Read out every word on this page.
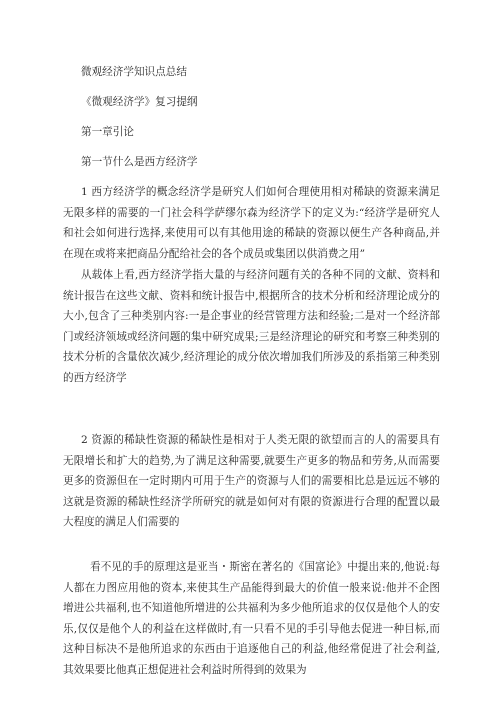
微观经济学知识点总结
《微观经济学》复习提纲
第一章引论
第一节什么是西方经济学
1 西方经济学的概念经济学是研究人们如何合理使用相对稀缺的资源来满足无限多样的需要的一门社会科学萨缪尔森为经济学下的定义为:“经济学是研究人和社会如何进行选择,来使用可以有其他用途的稀缺的资源以便生产各种商品,并在现在或将来把商品分配给社会的各个成员或集团以供消费之用”
从载体上看,西方经济学指大量的与经济问题有关的各种不同的文献、资料和统计报告在这些文献、资料和统计报告中,根据所含的技术分析和经济理论成分的大小,包含了三种类别内容:一是企事业的经营管理方法和经验;二是对一个经济部门或经济领域或经济问题的集中研究成果;三是经济理论的研究和考察三种类别的技术分析的含量依次减少,经济理论的成分依次增加我们所涉及的系指第三种类别的西方经济学
2 资源的稀缺性资源的稀缺性是相对于人类无限的欲望而言的人的需要具有无限增长和扩大的趋势,为了满足这种需要,就要生产更多的物品和劳务,从而需要更多的资源但在一定时期内可用于生产的资源与人们的需要相比总是远远不够的这就是资源的稀缺性经济学所研究的就是如何对有限的资源进行合理的配置以最大程度的满足人们需要的
看不见的手的原理这是亚当・斯密在著名的《国富论》中提出来的,他说:每人都在力图应用他的资本,来使其生产品能得到最大的价值一般来说:他并不企图增进公共福利,也不知道他所增进的公共福利为多少他所追求的仅仅是他个人的安乐,仅仅是他个人的利益在这样做时,有一只看不见的手引导他去促进一种目标,而这种目标决不是他所追求的东西由于追逐他自己的利益,他经常促进了社会利益,其效果要比他真正想促进社会利益时所得到的效果为
